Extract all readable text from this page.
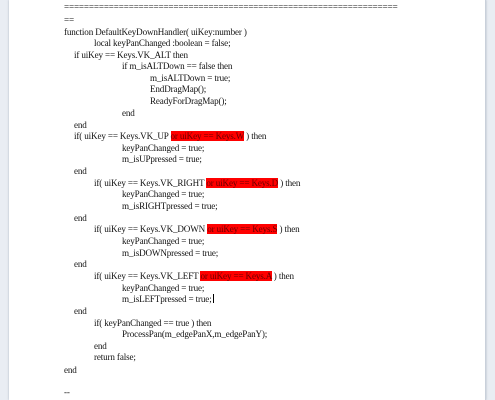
===================================================================
==
function DefaultKeyDownHandler( uiKey:number )
local keyPanChanged :boolean = false;
if uiKey == Keys.VK_ALT then
if m_isALTDown == false then
m_isALTDown = true;
EndDragMap();
ReadyForDragMap();
end
end
if( uiKey == Keys.VK_UP or uiKey == Keys.W ) then
keyPanChanged = true;
m_isUPpressed = true;
end
if( uiKey == Keys.VK_RIGHT or uiKey == Keys.D ) then
keyPanChanged = true;
m_isRIGHTpressed = true;
end
if( uiKey == Keys.VK_DOWN or uiKey == Keys.S ) then
keyPanChanged = true;
m_isDOWNpressed = true;
end
if( uiKey == Keys.VK_LEFT or uiKey == Keys.A ) then
keyPanChanged = true;
m_isLEFTpressed = true;
end
if( keyPanChanged == true ) then
ProcessPan(m_edgePanX,m_edgePanY);
end
return false;
end
--
